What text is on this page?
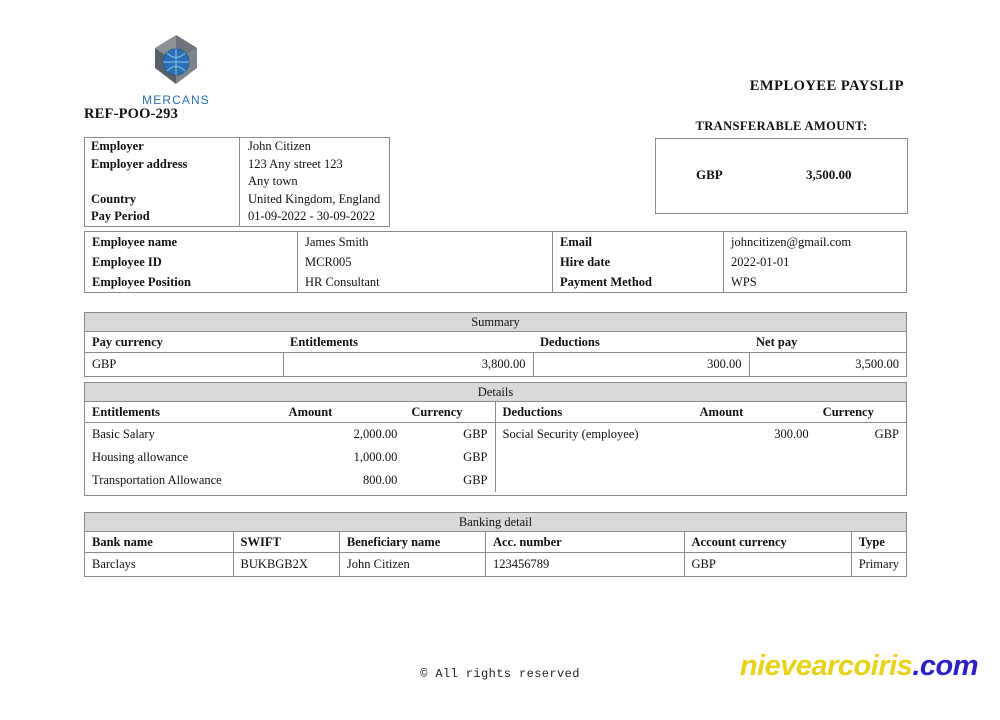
MERCANS
REF-POO-293
EMPLOYEE PAYSLIP
TRANSFERABLE AMOUNT:
GBP	3,500.00
Employer	John Citizen
Employer address	123 Any street 123
	Any town
Country	United Kingdom, England
Pay Period	01-09-2022 - 30-09-2022
Employee name	James Smith	Email	johncitizen@gmail.com
Employee ID	MCR005	Hire date	2022-01-01
Employee Position	HR Consultant	Payment Method	WPS
Summary
Pay currency	Entitlements	Deductions	Net pay
GBP	3,800.00	300.00	3,500.00
Details
Entitlements	Amount	Currency
Basic Salary	2,000.00	GBP
Housing allowance	1,000.00	GBP
Transportation Allowance	800.00	GBP
Deductions	Amount	Currency
Social Security (employee)	300.00	GBP
Banking detail
Bank name	SWIFT	Beneficiary name	Acc. number	Account currency	Type
Barclays	BUKBGB2X	John Citizen	123456789	GBP	Primary
© All rights reserved	nievearcoiris.com
